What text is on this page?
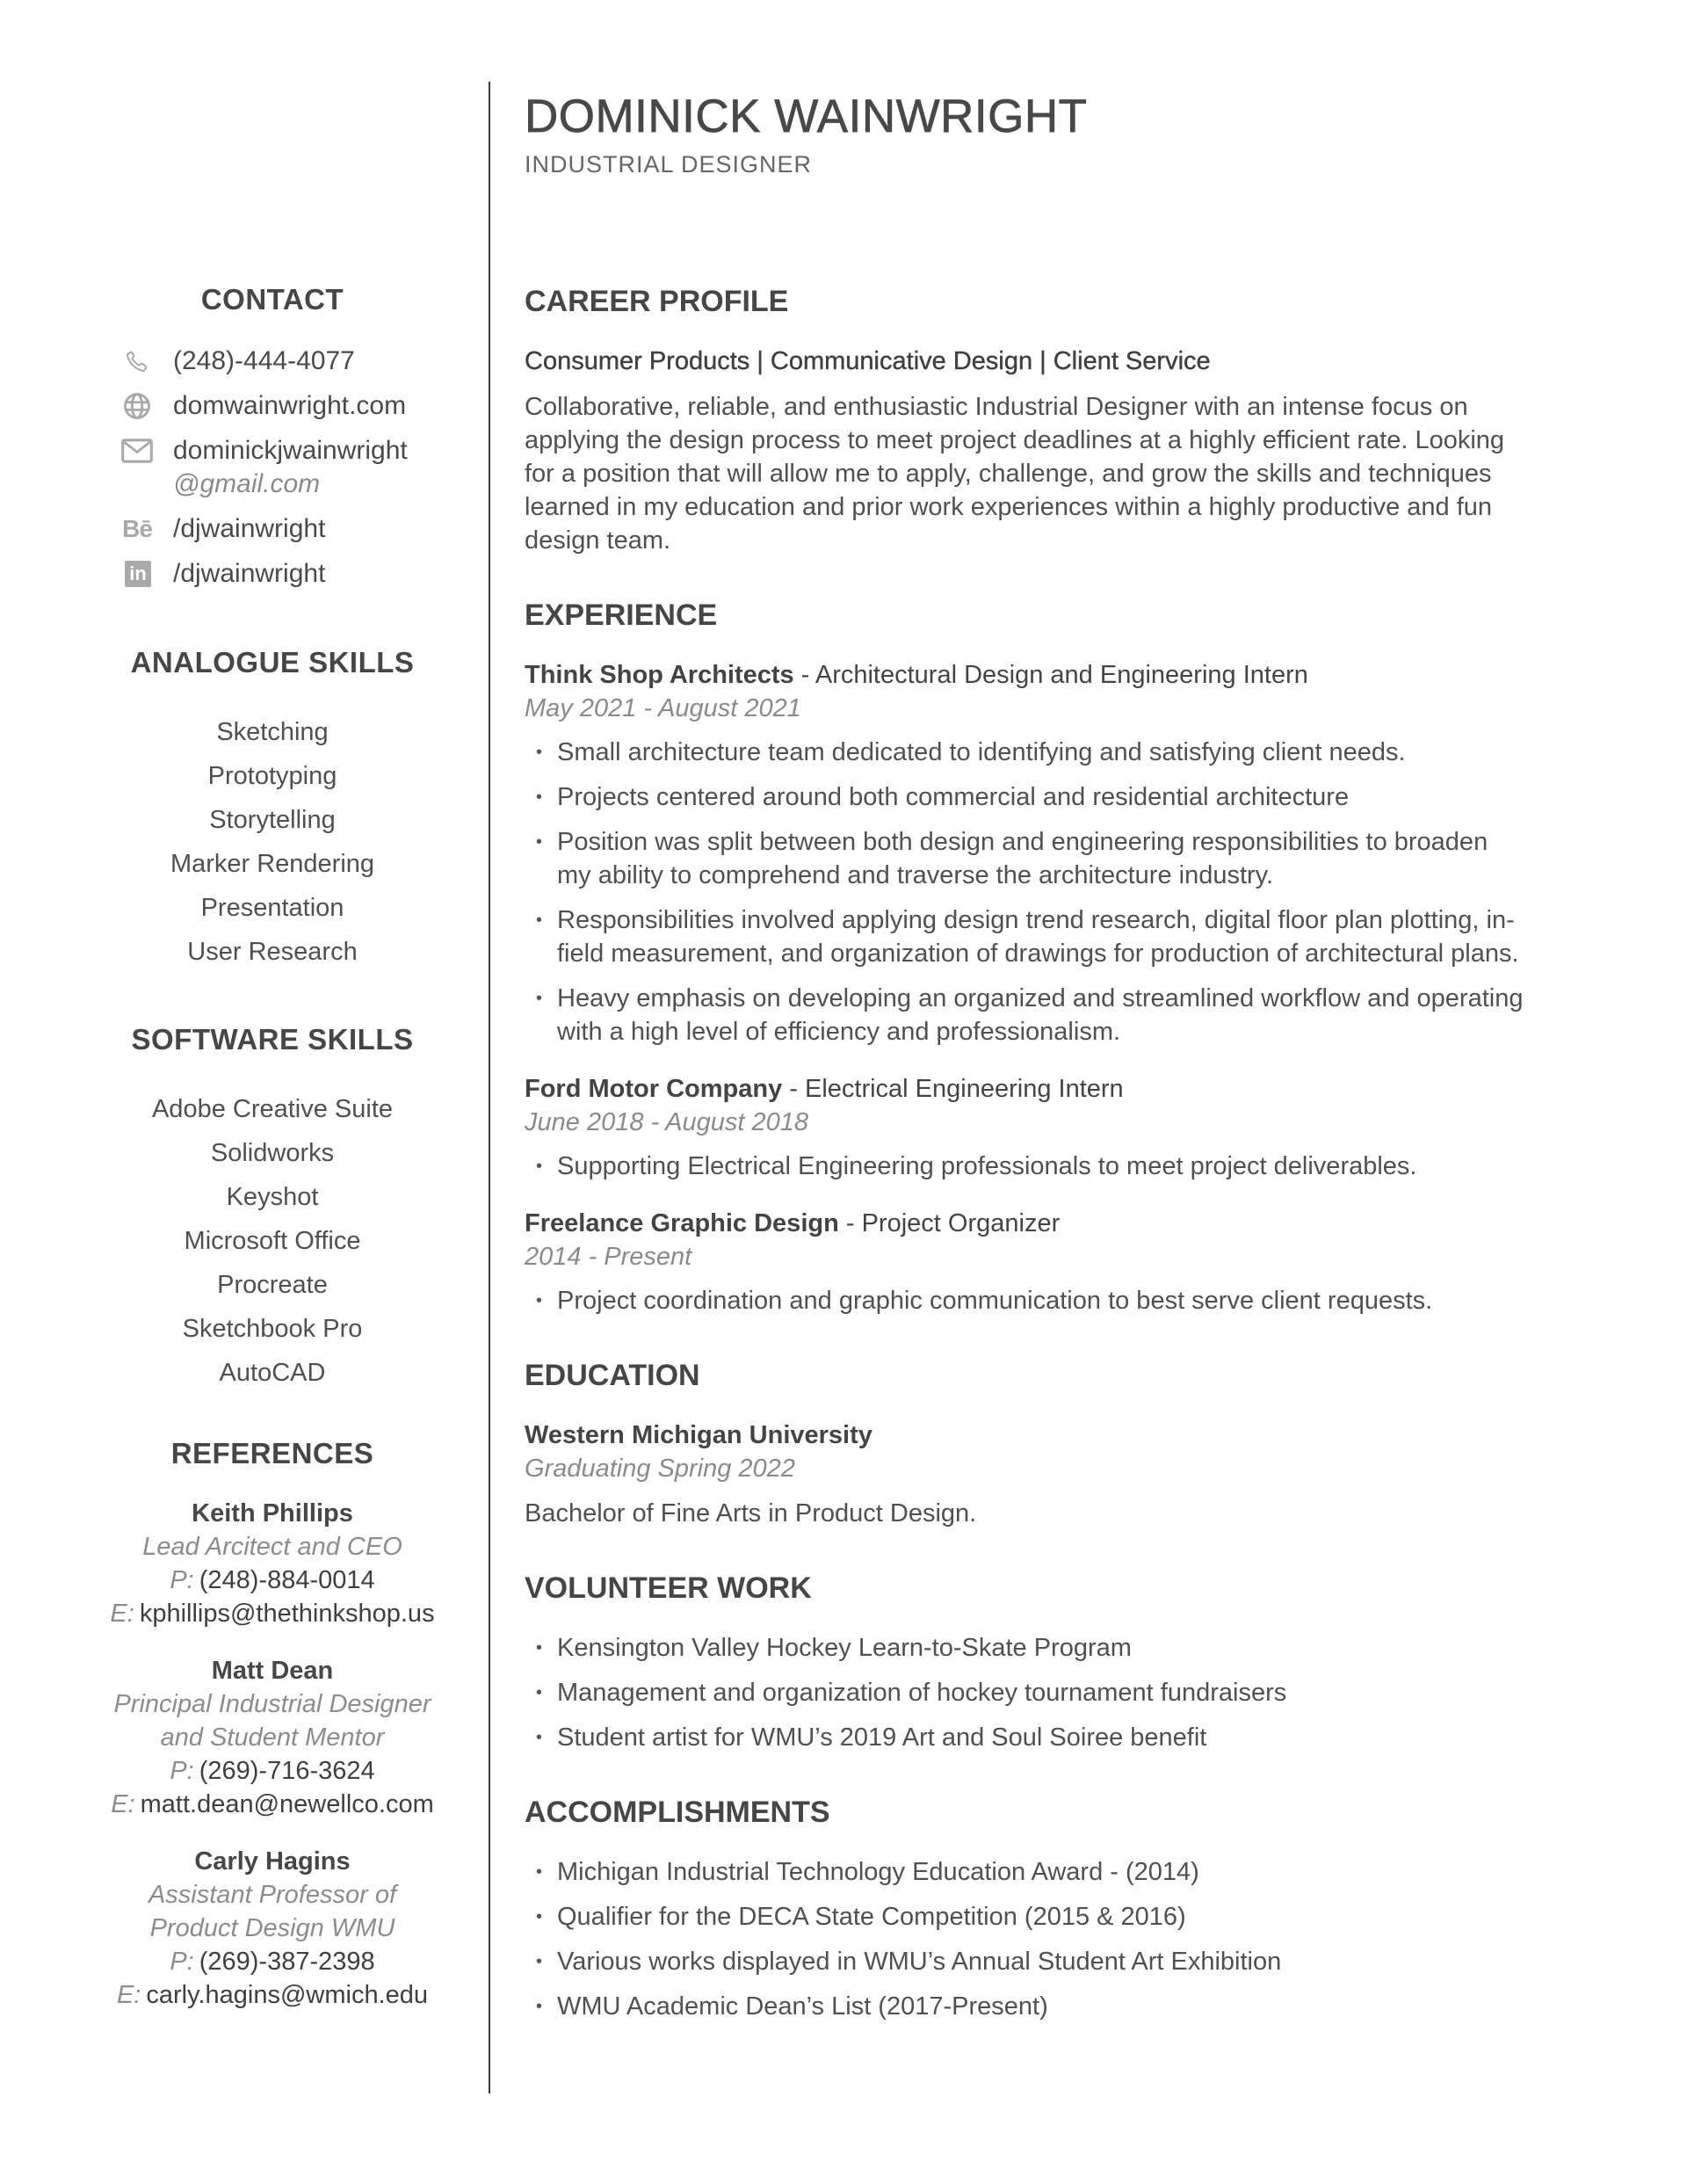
DOMINICK WAINWRIGHT
INDUSTRIAL DESIGNER
CONTACT
(248)-444-4077
domwainwright.com
dominickjwainwright
@gmail.com
Bē /djwainwright
in /djwainwright
ANALOGUE SKILLS
Sketching
Prototyping
Storytelling
Marker Rendering
Presentation
User Research
SOFTWARE SKILLS
Adobe Creative Suite
Solidworks
Keyshot
Microsoft Office
Procreate
Sketchbook Pro
AutoCAD
REFERENCES
Keith Phillips
Lead Arcitect and CEO
P: (248)-884-0014
E: kphillips@thethinkshop.us
Matt Dean
Principal Industrial Designer
and Student Mentor
P: (269)-716-3624
E: matt.dean@newellco.com
Carly Hagins
Assistant Professor of
Product Design WMU
P: (269)-387-2398
E: carly.hagins@wmich.edu
CAREER PROFILE
Consumer Products | Communicative Design | Client Service
Collaborative, reliable, and enthusiastic Industrial Designer with an intense focus on
applying the design process to meet project deadlines at a highly efficient rate. Looking
for a position that will allow me to apply, challenge, and grow the skills and techniques
learned in my education and prior work experiences within a highly productive and fun
design team.
EXPERIENCE
Think Shop Architects - Architectural Design and Engineering Intern
May 2021 - August 2021
• Small architecture team dedicated to identifying and satisfying client needs.
• Projects centered around both commercial and residential architecture
• Position was split between both design and engineering responsibilities to broaden
my ability to comprehend and traverse the architecture industry.
• Responsibilities involved applying design trend research, digital floor plan plotting, in-
field measurement, and organization of drawings for production of architectural plans.
• Heavy emphasis on developing an organized and streamlined workflow and operating
with a high level of efficiency and professionalism.
Ford Motor Company - Electrical Engineering Intern
June 2018 - August 2018
• Supporting Electrical Engineering professionals to meet project deliverables.
Freelance Graphic Design - Project Organizer
2014 - Present
• Project coordination and graphic communication to best serve client requests.
EDUCATION
Western Michigan University
Graduating Spring 2022
Bachelor of Fine Arts in Product Design.
VOLUNTEER WORK
• Kensington Valley Hockey Learn-to-Skate Program
• Management and organization of hockey tournament fundraisers
• Student artist for WMU’s 2019 Art and Soul Soiree benefit
ACCOMPLISHMENTS
• Michigan Industrial Technology Education Award - (2014)
• Qualifier for the DECA State Competition (2015 & 2016)
• Various works displayed in WMU’s Annual Student Art Exhibition
• WMU Academic Dean’s List (2017-Present)
